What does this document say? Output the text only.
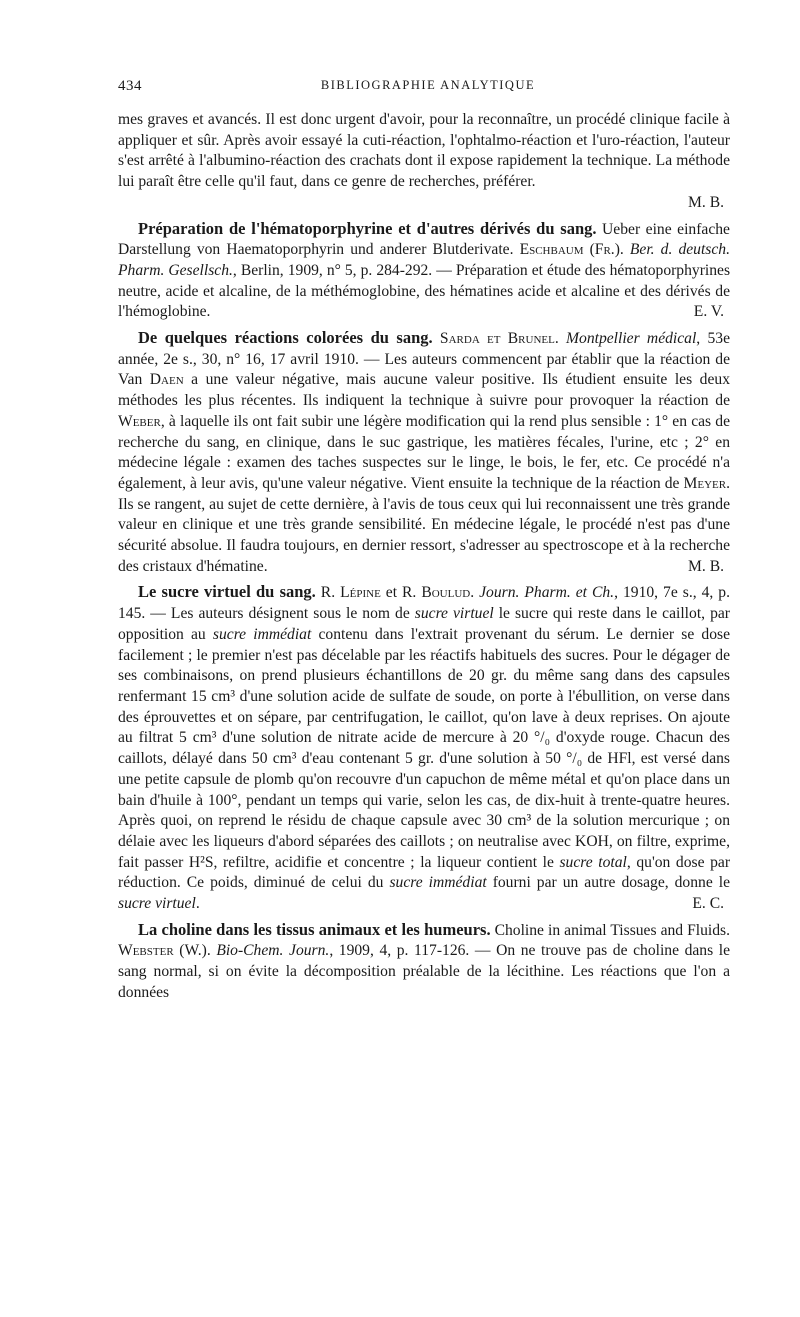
434	BIBLIOGRAPHIE ANALYTIQUE

mes graves et avancés. Il est donc urgent d'avoir, pour la reconnaître, un procédé clinique facile à appliquer et sûr. Après avoir essayé la cuti-réaction, l'ophtalmo-réaction et l'uro-réaction, l'auteur s'est arrêté à l'albumino-réaction des crachats dont il expose rapidement la technique. La méthode lui paraît être celle qu'il faut, dans ce genre de recherches, préférer.
M. B.

Préparation de l'hématoporphyrine et d'autres dérivés du sang. Ueber eine einfache Darstellung von Haematoporphyrin und anderer Blutderivate. Eschbaum (Fr.). Ber. d. deutsch. Pharm. Gesellsch., Berlin, 1909, n° 5, p. 284-292. — Préparation et étude des hématoporphyrines neutre, acide et alcaline, de la méthémoglobine, des hématines acide et alcaline et des dérivés de l'hémoglobine.	E. V.

De quelques réactions colorées du sang. Sarda et Brunel. Montpellier médical, 53e année, 2e s., 30, n° 16, 17 avril 1910. — Les auteurs commencent par établir que la réaction de Van Daen a une valeur négative, mais aucune valeur positive. Ils étudient ensuite les deux méthodes les plus récentes. Ils indiquent la technique à suivre pour provoquer la réaction de Weber, à laquelle ils ont fait subir une légère modification qui la rend plus sensible : 1° en cas de recherche du sang, en clinique, dans le suc gastrique, les matières fécales, l'urine, etc ; 2° en médecine légale : examen des taches suspectes sur le linge, le bois, le fer, etc. Ce procédé n'a également, à leur avis, qu'une valeur négative. Vient ensuite la technique de la réaction de Meyer. Ils se rangent, au sujet de cette dernière, à l'avis de tous ceux qui lui reconnaissent une très grande valeur en clinique et une très grande sensibilité. En médecine légale, le procédé n'est pas d'une sécurité absolue. Il faudra toujours, en dernier ressort, s'adresser au spectroscope et à la recherche des cristaux d'hématine.	M. B.

Le sucre virtuel du sang. R. Lépine et R. Boulud. Journ. Pharm. et Ch., 1910, 7e s., 4, p. 145. — Les auteurs désignent sous le nom de sucre virtuel le sucre qui reste dans le caillot, par opposition au sucre immédiat contenu dans l'extrait provenant du sérum. Le dernier se dose facilement ; le premier n'est pas décelable par les réactifs habituels des sucres. Pour le dégager de ses combinaisons, on prend plusieurs échantillons de 20 gr. du même sang dans des capsules renfermant 15 cm³ d'une solution acide de sulfate de soude, on porte à l'ébullition, on verse dans des éprouvettes et on sépare, par centrifugation, le caillot, qu'on lave à deux reprises. On ajoute au filtrat 5 cm³ d'une solution de nitrate acide de mercure à 20 °/₀ d'oxyde rouge. Chacun des caillots, délayé dans 50 cm³ d'eau contenant 5 gr. d'une solution à 50 °/₀ de HFl, est versé dans une petite capsule de plomb qu'on recouvre d'un capuchon de même métal et qu'on place dans un bain d'huile à 100°, pendant un temps qui varie, selon les cas, de dix-huit à trente-quatre heures. Après quoi, on reprend le résidu de chaque capsule avec 30 cm³ de la solution mercurique ; on délaie avec les liqueurs d'abord séparées des caillots ; on neutralise avec KOH, on filtre, exprime, fait passer H²S, refiltre, acidifie et concentre ; la liqueur contient le sucre total, qu'on dose par réduction. Ce poids, diminué de celui du sucre immédiat fourni par un autre dosage, donne le sucre virtuel.	E. C.

La choline dans les tissus animaux et les humeurs. Choline in animal Tissues and Fluids. Webster (W.). Bio-Chem. Journ., 1909, 4, p. 117-126. — On ne trouve pas de choline dans le sang normal, si on évite la décomposition préalable de la lécithine. Les réactions que l'on a données
